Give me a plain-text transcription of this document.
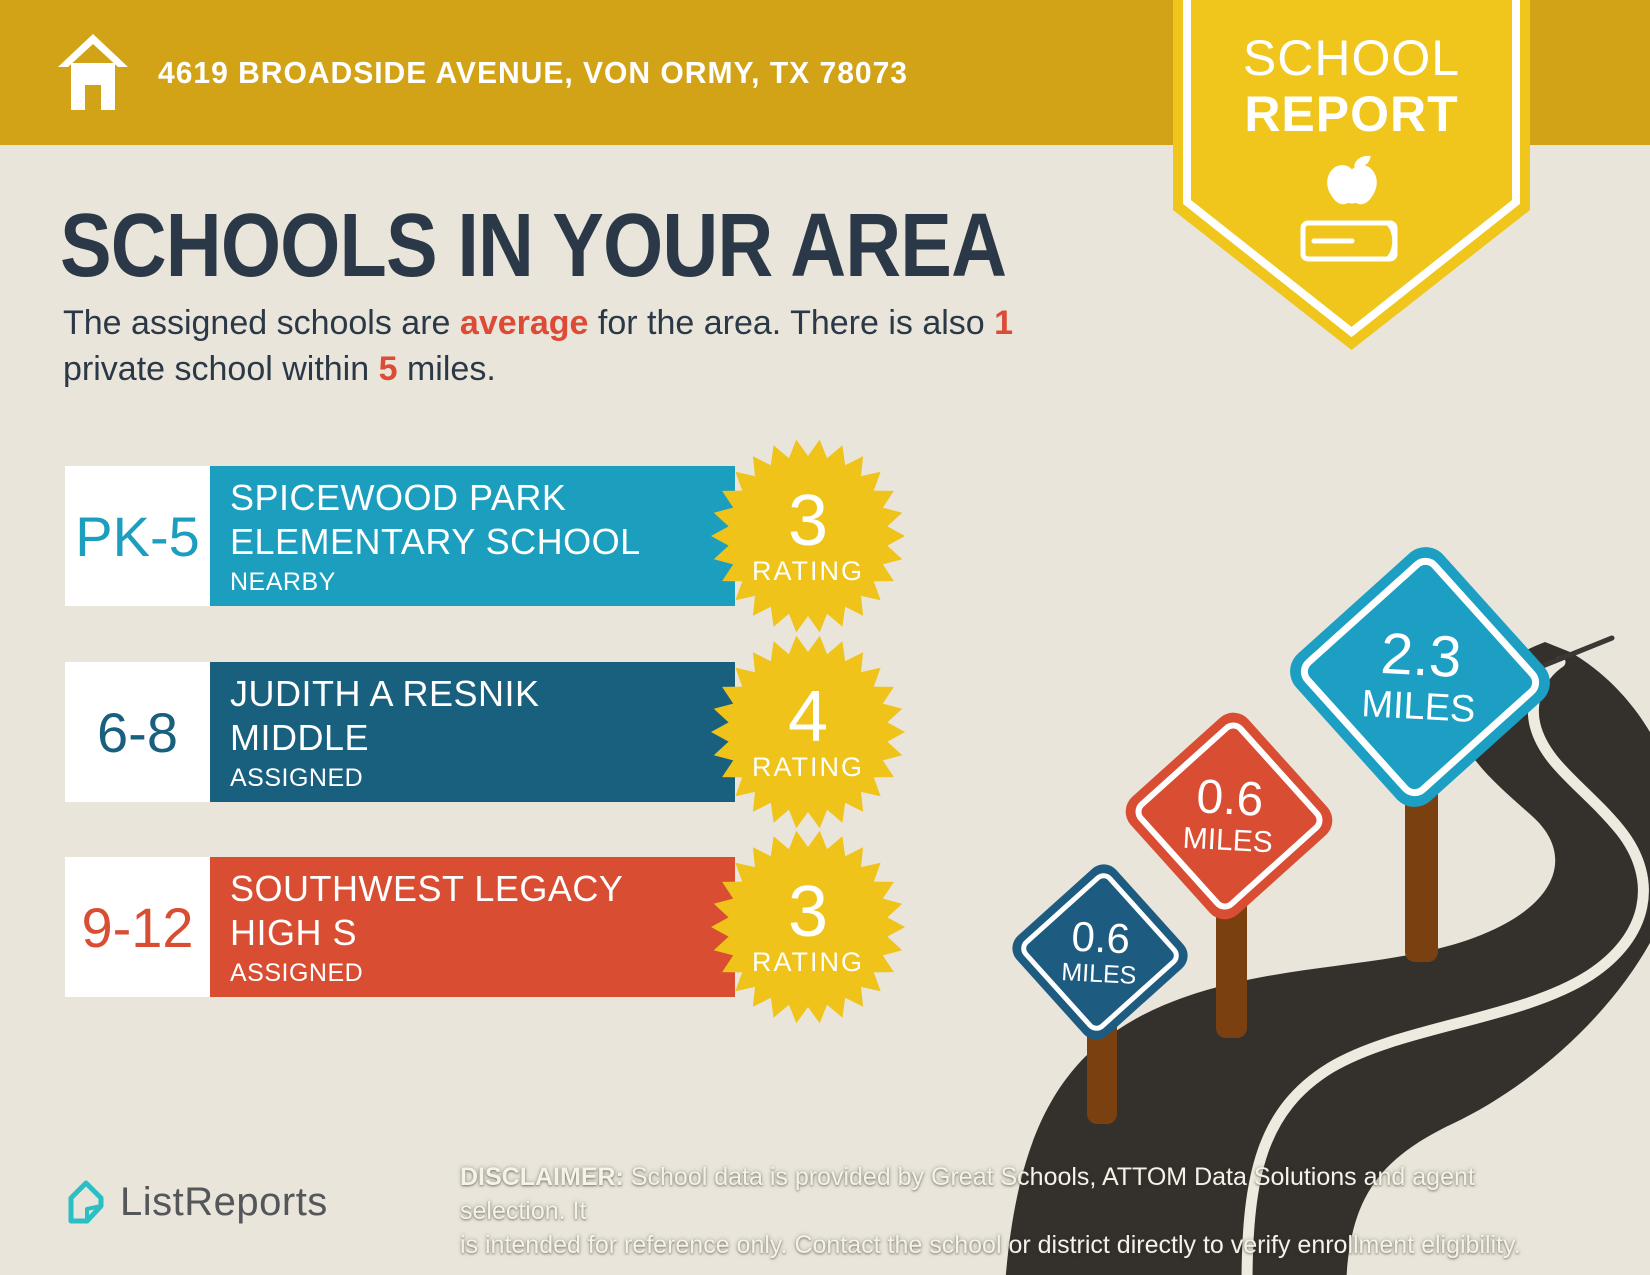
4619 BROADSIDE AVENUE, VON ORMY, TX 78073	SCHOOL
REPORT
SCHOOLS IN YOUR AREA
The assigned schools are average for the area. There is also 1
private school within 5 miles.
PK-5
SPICEWOOD PARK
ELEMENTARY SCHOOL
NEARBY
3
RATING
6-8
JUDITH A RESNIK
MIDDLE
ASSIGNED
4
RATING
9-12
SOUTHWEST LEGACY
HIGH S
ASSIGNED
3
RATING
2.3
MILES
0.6
MILES
0.6
MILES
ListReports
DISCLAIMER: School data is provided by Great Schools, ATTOM Data Solutions and agent selection. It
is intended for reference only. Contact the school or district directly to verify enrollment eligibility.
